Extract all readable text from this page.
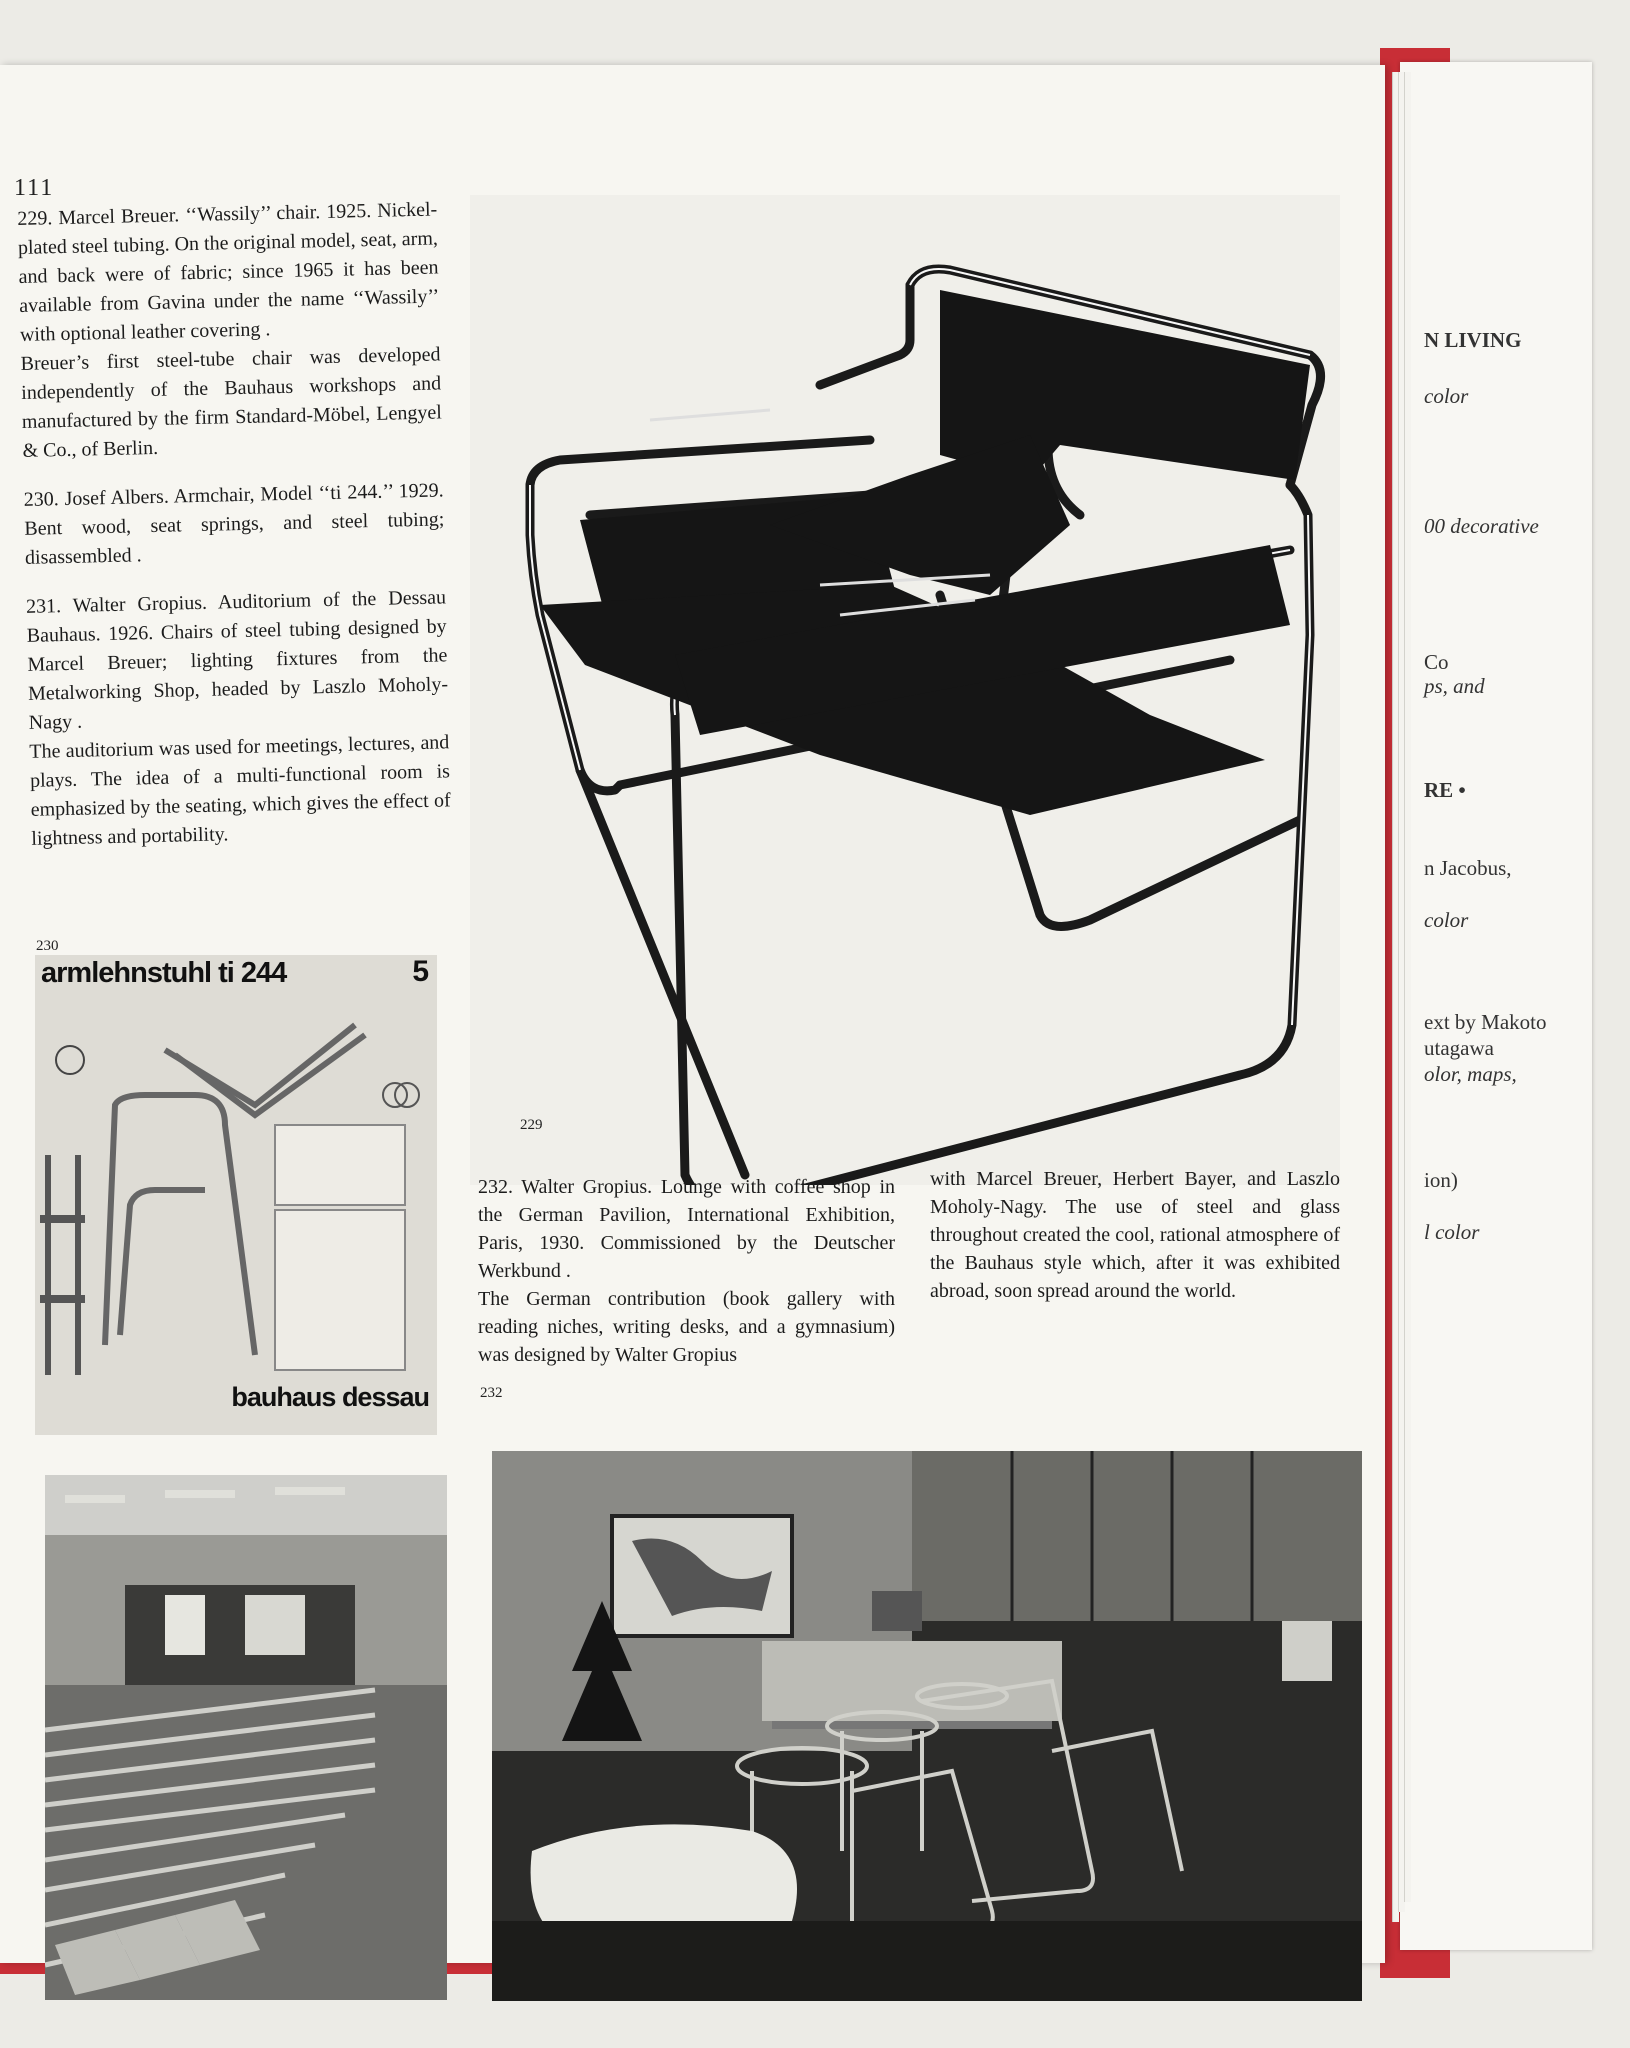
N LIVING
color
00 decorative
Co
ps, and
RE •
n Jacobus,
color
ext by Makoto
utagawa
olor, maps,
ion)
l color
111

229. Marcel Breuer. ‘‘Wassily’’ chair. 1925. Nickel-plated steel tubing. On the original model, seat, arm, and back were of fabric; since 1965 it has been available from Gavina under the name ‘‘Wassily’’ with optional leather covering .

Breuer’s first steel-tube chair was developed independently of the Bauhaus workshops and manufactured by the firm Standard-Möbel, Lengyel & Co., of Berlin.

230. Josef Albers. Armchair, Model ‘‘ti 244.’’ 1929. Bent wood, seat springs, and steel tubing; disassembled .

231. Walter Gropius. Auditorium of the Dessau Bauhaus. 1926. Chairs of steel tubing designed by Marcel Breuer; lighting fixtures from the Metalworking Shop, headed by Laszlo Moholy-Nagy .

The auditorium was used for meetings, lectures, and plays. The idea of a multi-functional room is emphasized by the seating, which gives the effect of lightness and portability.

230
229
armlehnstuhl ti 244	5
bauhaus dessau

232. Walter Gropius. Lounge with coffee shop in the German Pavilion, International Exhibition, Paris, 1930. Commissioned by the Deutscher Werkbund .

The German contribution (book gallery with reading niches, writing desks, and a gymnasium) was designed by Walter Gropius

with Marcel Breuer, Herbert Bayer, and Laszlo Moholy-Nagy. The use of steel and glass throughout created the cool, rational atmosphere of the Bauhaus style which, after it was exhibited abroad, soon spread around the world.

232
